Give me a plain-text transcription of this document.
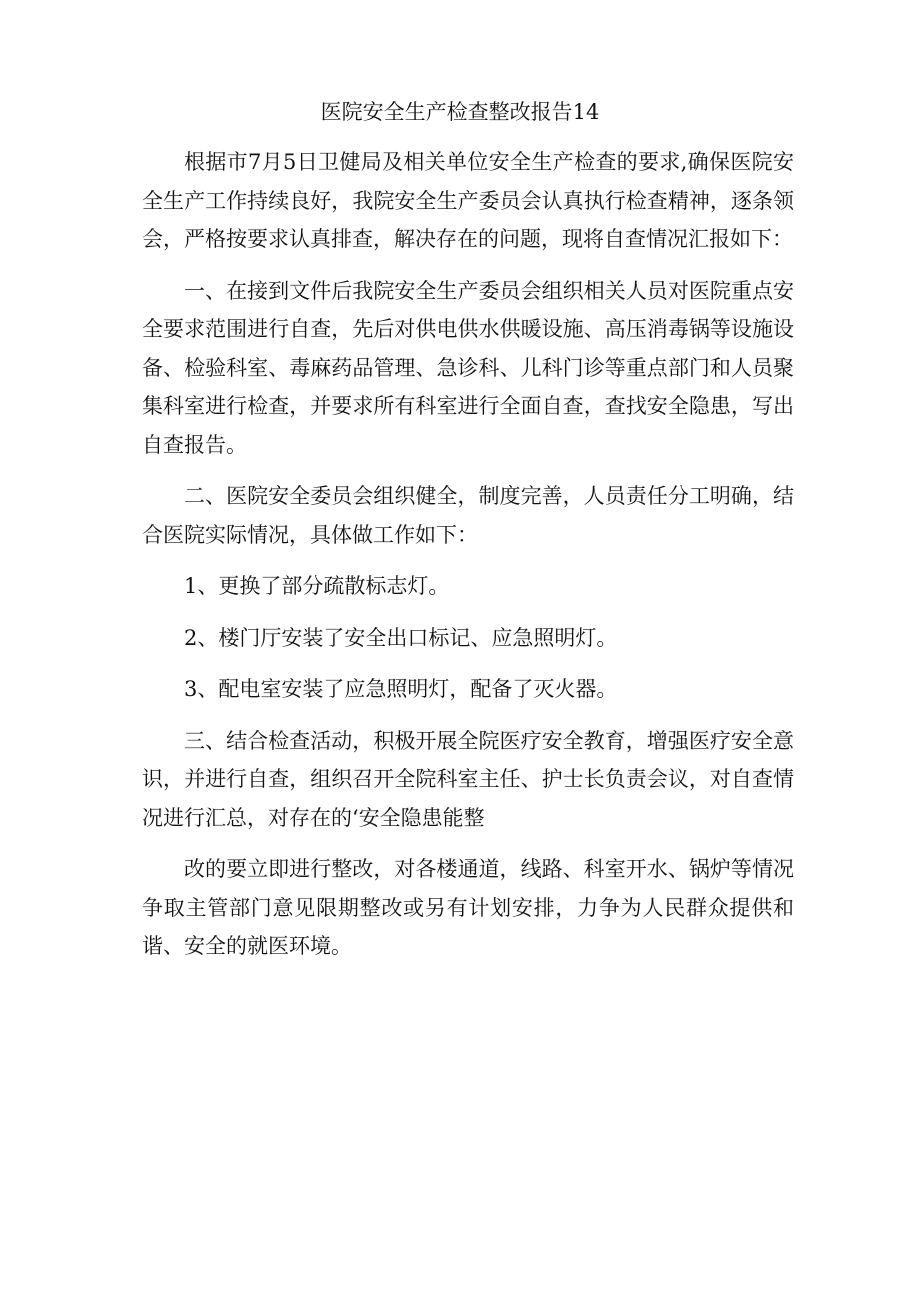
医院安全生产检查整改报告14

根据市7月5日卫健局及相关单位安全生产检查的要求,确保医院安全生产工作持续良好，我院安全生产委员会认真执行检查精神，逐条领会，严格按要求认真排查，解决存在的问题，现将自查情况汇报如下：

一、在接到文件后我院安全生产委员会组织相关人员对医院重点安全要求范围进行自查，先后对供电供水供暖设施、高压消毒锅等设施设备、检验科室、毒麻药品管理、急诊科、儿科门诊等重点部门和人员聚集科室进行检查，并要求所有科室进行全面自查，查找安全隐患，写出自查报告。

二、医院安全委员会组织健全，制度完善，人员责任分工明确，结合医院实际情况，具体做工作如下：

1、更换了部分疏散标志灯。

2、楼门厅安装了安全出口标记、应急照明灯。

3、配电室安装了应急照明灯，配备了灭火器。

三、结合检查活动，积极开展全院医疗安全教育，增强医疗安全意识，并进行自查，组织召开全院科室主任、护士长负责会议，对自查情况进行汇总，对存在的‘安全隐患能整

改的要立即进行整改，对各楼通道，线路、科室开水、锅炉等情况争取主管部门意见限期整改或另有计划安排，力争为人民群众提供和谐、安全的就医环境。
